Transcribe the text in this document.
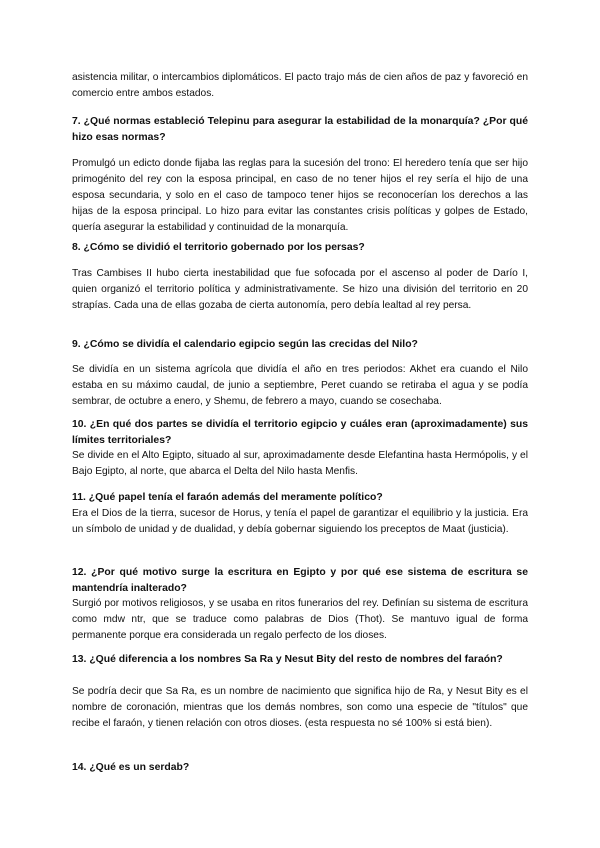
asistencia militar, o intercambios diplomáticos. El pacto trajo más de cien años de paz y favoreció en comercio entre ambos estados.

7. ¿Qué normas estableció Telepinu para asegurar la estabilidad de la monarquía? ¿Por qué hizo esas normas?

Promulgó un edicto donde fijaba las reglas para la sucesión del trono: El heredero tenía que ser hijo primogénito del rey con la esposa principal, en caso de no tener hijos el rey sería el hijo de una esposa secundaria, y solo en el caso de tampoco tener hijos se reconocerían los derechos a las hijas de la esposa principal. Lo hizo para evitar las constantes crisis políticas y golpes de Estado, quería asegurar la estabilidad y continuidad de la monarquía.

8. ¿Cómo se dividió el territorio gobernado por los persas?

Tras Cambises II hubo cierta inestabilidad que fue sofocada por el ascenso al poder de Darío I, quien organizó el territorio política y administrativamente. Se hizo una división del territorio en 20 strapías. Cada una de ellas gozaba de cierta autonomía, pero debía lealtad al rey persa.

9. ¿Cómo se dividía el calendario egipcio según las crecidas del Nilo?

Se dividía en un sistema agrícola que dividía el año en tres periodos: Akhet era cuando el Nilo estaba en su máximo caudal, de junio a septiembre, Peret cuando se retiraba el agua y se podía sembrar, de octubre a enero, y Shemu, de febrero a mayo, cuando se cosechaba.

10. ¿En qué dos partes se dividía el territorio egipcio y cuáles eran (aproximadamente) sus límites territoriales?

Se divide en el Alto Egipto, situado al sur, aproximadamente desde Elefantina hasta Hermópolis, y el Bajo Egipto, al norte, que abarca el Delta del Nilo hasta Menfis.

11. ¿Qué papel tenía el faraón además del meramente político?

Era el Dios de la tierra, sucesor de Horus, y tenía el papel de garantizar el equilibrio y la justicia. Era un símbolo de unidad y de dualidad, y debía gobernar siguiendo los preceptos de Maat (justicia).

12. ¿Por qué motivo surge la escritura en Egipto y por qué ese sistema de escritura se mantendría inalterado?

Surgió por motivos religiosos, y se usaba en ritos funerarios del rey. Definían su sistema de escritura como mdw ntr, que se traduce como palabras de Dios (Thot). Se mantuvo igual de forma permanente porque era considerada un regalo perfecto de los dioses.

13. ¿Qué diferencia a los nombres Sa Ra y Nesut Bity del resto de nombres del faraón?

Se podría decir que Sa Ra, es un nombre de nacimiento que significa hijo de Ra, y Nesut Bity es el nombre de coronación, mientras que los demás nombres, son como una especie de "títulos" que recibe el faraón, y tienen relación con otros dioses. (esta respuesta no sé 100% si está bien).

14. ¿Qué es un serdab?
